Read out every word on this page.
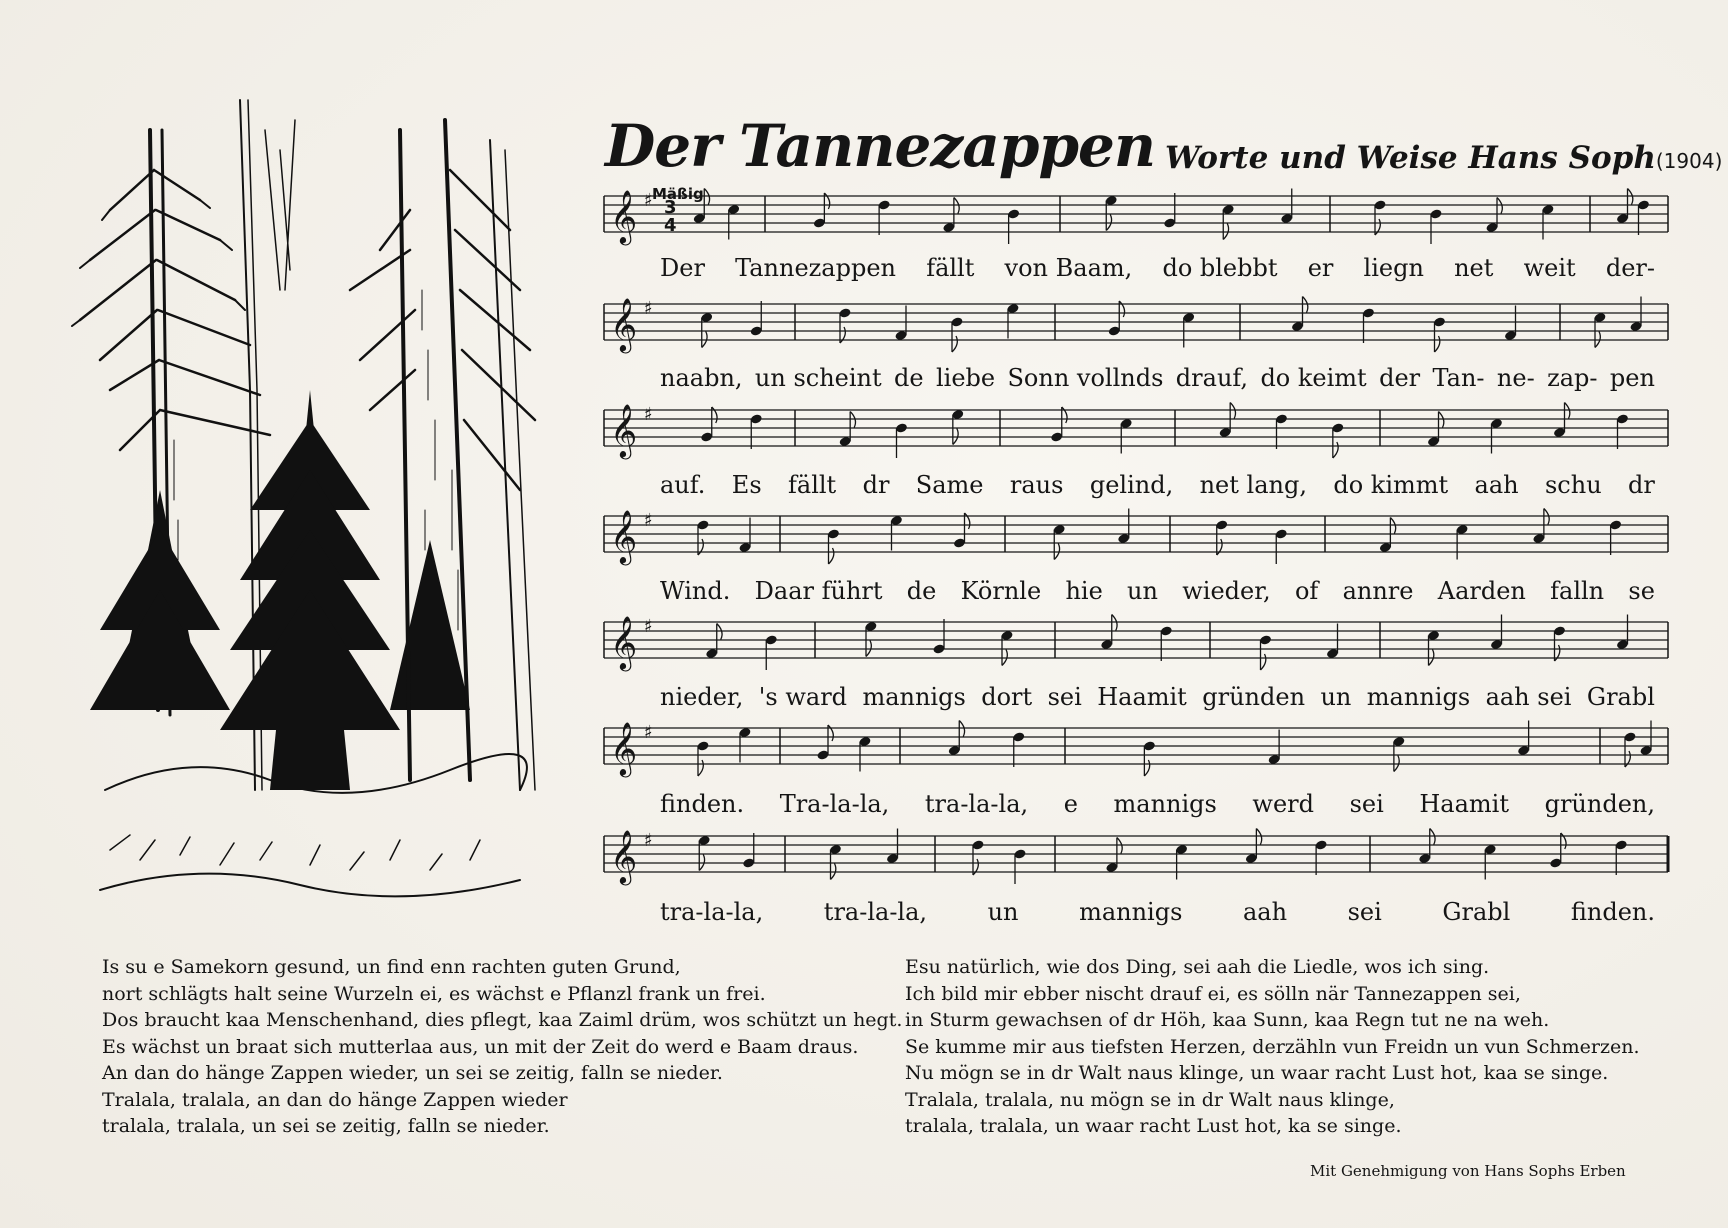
Der Tannezappen Worte und Weise Hans Soph(1904)
Mäßig
𝄞 ♯ 3
4
𝄞 ♯
𝄞 ♯
𝄞 ♯
𝄞 ♯
𝄞 ♯
𝄞 ♯
Der Tannezappen fällt von Baam, do blebbt er liegn net weit der-
naabn, un scheint de liebe Sonn vollnds drauf, do keimt der Tan- ne- zap- pen
auf. Es fällt dr Same raus gelind, net lang, do kimmt aah schu dr
Wind. Daar führt de Körnle hie un wieder, of annre Aarden falln se
nieder, 's ward mannigs dort sei Haamit gründen un mannigs aah sei Grabl
finden. Tra-la-la, tra-la-la, e mannigs werd sei Haamit gründen,
tra-la-la,	tra-la-la,	un	mannigs	aah	sei	Grabl	finden.
Is su e Samekorn gesund, un find enn rachten guten Grund,
nort schlägts halt seine Wurzeln ei, es wächst e Pflanzl frank un frei.
Dos braucht kaa Menschenhand, dies pflegt, kaa Zaiml drüm, wos schützt un hegt.
Es wächst un braat sich mutterlaa aus, un mit der Zeit do werd e Baam draus.
An dan do hänge Zappen wieder, un sei se zeitig, falln se nieder.
Tralala, tralala, an dan do hänge Zappen wieder
tralala, tralala, un sei se zeitig, falln se nieder.
Esu natürlich, wie dos Ding, sei aah die Liedle, wos ich sing.
Ich bild mir ebber nischt drauf ei, es sölln när Tannezappen sei,
in Sturm gewachsen of dr Höh, kaa Sunn, kaa Regn tut ne na weh.
Se kumme mir aus tiefsten Herzen, derzähln vun Freidn un vun Schmerzen.
Nu mögn se in dr Walt naus klinge, un waar racht Lust hot, kaa se singe.
Tralala, tralala, nu mögn se in dr Walt naus klinge,
tralala, tralala, un waar racht Lust hot, ka se singe.
Mit Genehmigung von Hans Sophs Erben
